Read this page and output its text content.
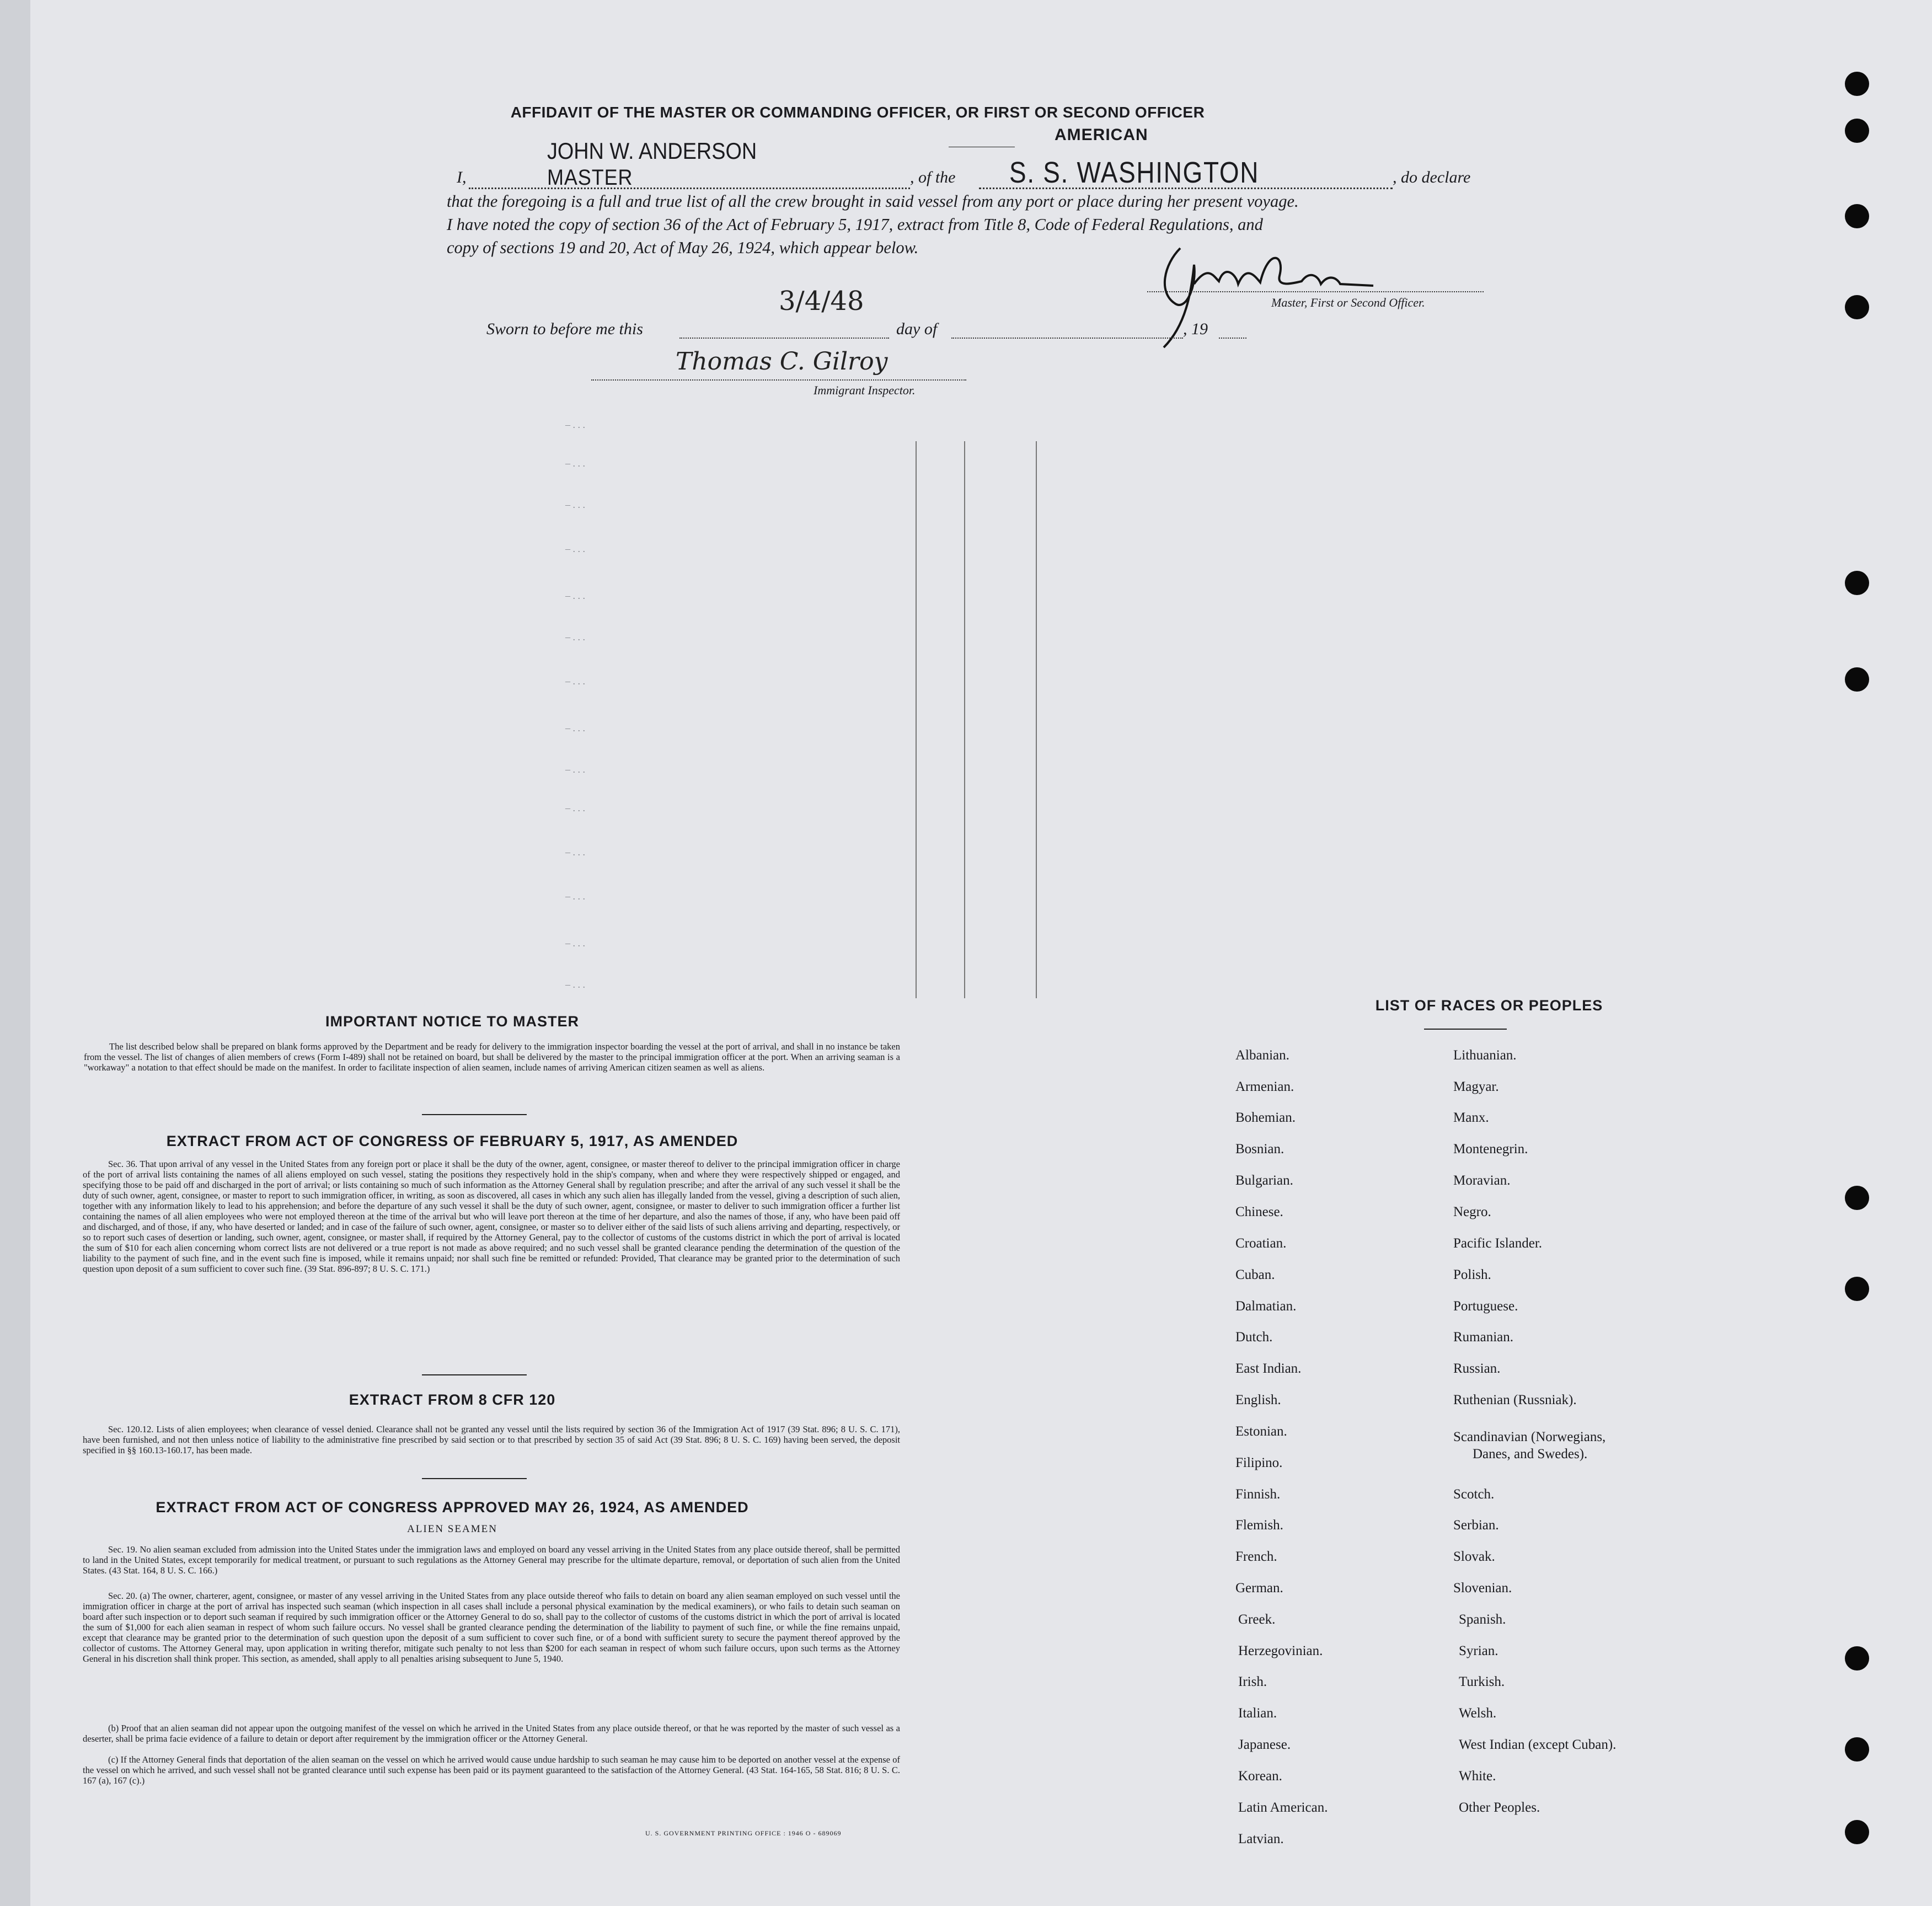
AFFIDAVIT OF THE MASTER OR COMMANDING OFFICER, OR FIRST OR SECOND OFFICER
AMERICAN
JOHN W. ANDERSON
I,	MASTER	, of the S. S. WASHINGTON	, do declare
that the foregoing is a full and true list of all the crew brought in said vessel from any port or place during her present voyage.
I have noted the copy of section 36 of the Act of February 5, 1917, extract from Title 8, Code of Federal Regulations, and
copy of sections 19 and 20, Act of May 26, 1924, which appear below.
Master, First or Second Officer.
Sworn to before me this
3/4/48
day of	, 19
Thomas C. Gilroy
Immigrant Inspector.
– . . .
– . . .
– . . .
– . . .
– . . .
– . . .
– . . .
– . . .
– . . .
– . . .
– . . .
– . . .
– . . .
– . . .
IMPORTANT NOTICE TO MASTER
The list described below shall be prepared on blank forms approved by the Department and be ready for delivery to the immigration inspector boarding the vessel at the port of arrival, and shall in no instance be taken from the vessel. The list of changes of alien members of crews (Form I-489) shall not be retained on board, but shall be delivered by the master to the principal immigration officer at the port. When an arriving seaman is a "workaway" a notation to that effect should be made on the manifest. In order to facilitate inspection of alien seamen, include names of arriving American citizen seamen as well as aliens.
EXTRACT FROM ACT OF CONGRESS OF FEBRUARY 5, 1917, AS AMENDED
Sec. 36. That upon arrival of any vessel in the United States from any foreign port or place it shall be the duty of the owner, agent, consignee, or master thereof to deliver to the principal immigration officer in charge of the port of arrival lists containing the names of all aliens employed on such vessel, stating the positions they respectively hold in the ship's company, when and where they were respectively shipped or engaged, and specifying those to be paid off and discharged in the port of arrival; or lists containing so much of such information as the Attorney General shall by regulation prescribe; and after the arrival of any such vessel it shall be the duty of such owner, agent, consignee, or master to report to such immigration officer, in writing, as soon as discovered, all cases in which any such alien has illegally landed from the vessel, giving a description of such alien, together with any information likely to lead to his apprehension; and before the departure of any such vessel it shall be the duty of such owner, agent, consignee, or master to deliver to such immigration officer a further list containing the names of all alien employees who were not employed thereon at the time of the arrival but who will leave port thereon at the time of her departure, and also the names of those, if any, who have been paid off and discharged, and of those, if any, who have deserted or landed; and in case of the failure of such owner, agent, consignee, or master so to deliver either of the said lists of such aliens arriving and departing, respectively, or so to report such cases of desertion or landing, such owner, agent, consignee, or master shall, if required by the Attorney General, pay to the collector of customs of the customs district in which the port of arrival is located the sum of $10 for each alien concerning whom correct lists are not delivered or a true report is not made as above required; and no such vessel shall be granted clearance pending the determination of the question of the liability to the payment of such fine, and in the event such fine is imposed, while it remains unpaid; nor shall such fine be remitted or refunded: Provided, That clearance may be granted prior to the determination of such question upon deposit of a sum sufficient to cover such fine. (39 Stat. 896-897; 8 U. S. C. 171.)
EXTRACT FROM 8 CFR 120
Sec. 120.12. Lists of alien employees; when clearance of vessel denied. Clearance shall not be granted any vessel until the lists required by section 36 of the Immigration Act of 1917 (39 Stat. 896; 8 U. S. C. 171), have been furnished, and not then unless notice of liability to the administrative fine prescribed by said section or to that prescribed by section 35 of said Act (39 Stat. 896; 8 U. S. C. 169) having been served, the deposit specified in §§ 160.13-160.17, has been made.
EXTRACT FROM ACT OF CONGRESS APPROVED MAY 26, 1924, AS AMENDED
ALIEN SEAMEN
Sec. 19. No alien seaman excluded from admission into the United States under the immigration laws and employed on board any vessel arriving in the United States from any place outside thereof, shall be permitted to land in the United States, except temporarily for medical treatment, or pursuant to such regulations as the Attorney General may prescribe for the ultimate departure, removal, or deportation of such alien from the United States. (43 Stat. 164, 8 U. S. C. 166.)
Sec. 20. (a) The owner, charterer, agent, consignee, or master of any vessel arriving in the United States from any place outside thereof who fails to detain on board any alien seaman employed on such vessel until the immigration officer in charge at the port of arrival has inspected such seaman (which inspection in all cases shall include a personal physical examination by the medical examiners), or who fails to detain such seaman on board after such inspection or to deport such seaman if required by such immigration officer or the Attorney General to do so, shall pay to the collector of customs of the customs district in which the port of arrival is located the sum of $1,000 for each alien seaman in respect of whom such failure occurs. No vessel shall be granted clearance pending the determination of the liability to payment of such fine, or while the fine remains unpaid, except that clearance may be granted prior to the determination of such question upon the deposit of a sum sufficient to cover such fine, or of a bond with sufficient surety to secure the payment thereof approved by the collector of customs. The Attorney General may, upon application in writing therefor, mitigate such penalty to not less than $200 for each seaman in respect of whom such failure occurs, upon such terms as the Attorney General in his discretion shall think proper. This section, as amended, shall apply to all penalties arising subsequent to June 5, 1940.
(b) Proof that an alien seaman did not appear upon the outgoing manifest of the vessel on which he arrived in the United States from any place outside thereof, or that he was reported by the master of such vessel as a deserter, shall be prima facie evidence of a failure to detain or deport after requirement by the immigration officer or the Attorney General.
(c) If the Attorney General finds that deportation of the alien seaman on the vessel on which he arrived would cause undue hardship to such seaman he may cause him to be deported on another vessel at the expense of the vessel on which he arrived, and such vessel shall not be granted clearance until such expense has been paid or its payment guaranteed to the satisfaction of the Attorney General. (43 Stat. 164-165, 58 Stat. 816; 8 U. S. C. 167 (a), 167 (c).)
U. S. GOVERNMENT PRINTING OFFICE : 1946 O - 689069
LIST OF RACES OR PEOPLES
Albanian.
Armenian.
Bohemian.
Bosnian.
Bulgarian.
Chinese.
Croatian.
Cuban.
Dalmatian.
Dutch.
East Indian.
English.
Estonian.
Filipino.
Finnish.
Flemish.
French.
German.
Greek.
Herzegovinian.
Irish.
Italian.
Japanese.
Korean.
Latin American.
Latvian.
Lithuanian.
Magyar.
Manx.
Montenegrin.
Moravian.
Negro.
Pacific Islander.
Polish.
Portuguese.
Rumanian.
Russian.
Ruthenian (Russniak).
Scandinavian (Norwegians,
Danes, and Swedes).
Scotch.
Serbian.
Slovak.
Slovenian.
Spanish.
Syrian.
Turkish.
Welsh.
West Indian (except Cuban).
White.
Other Peoples.
